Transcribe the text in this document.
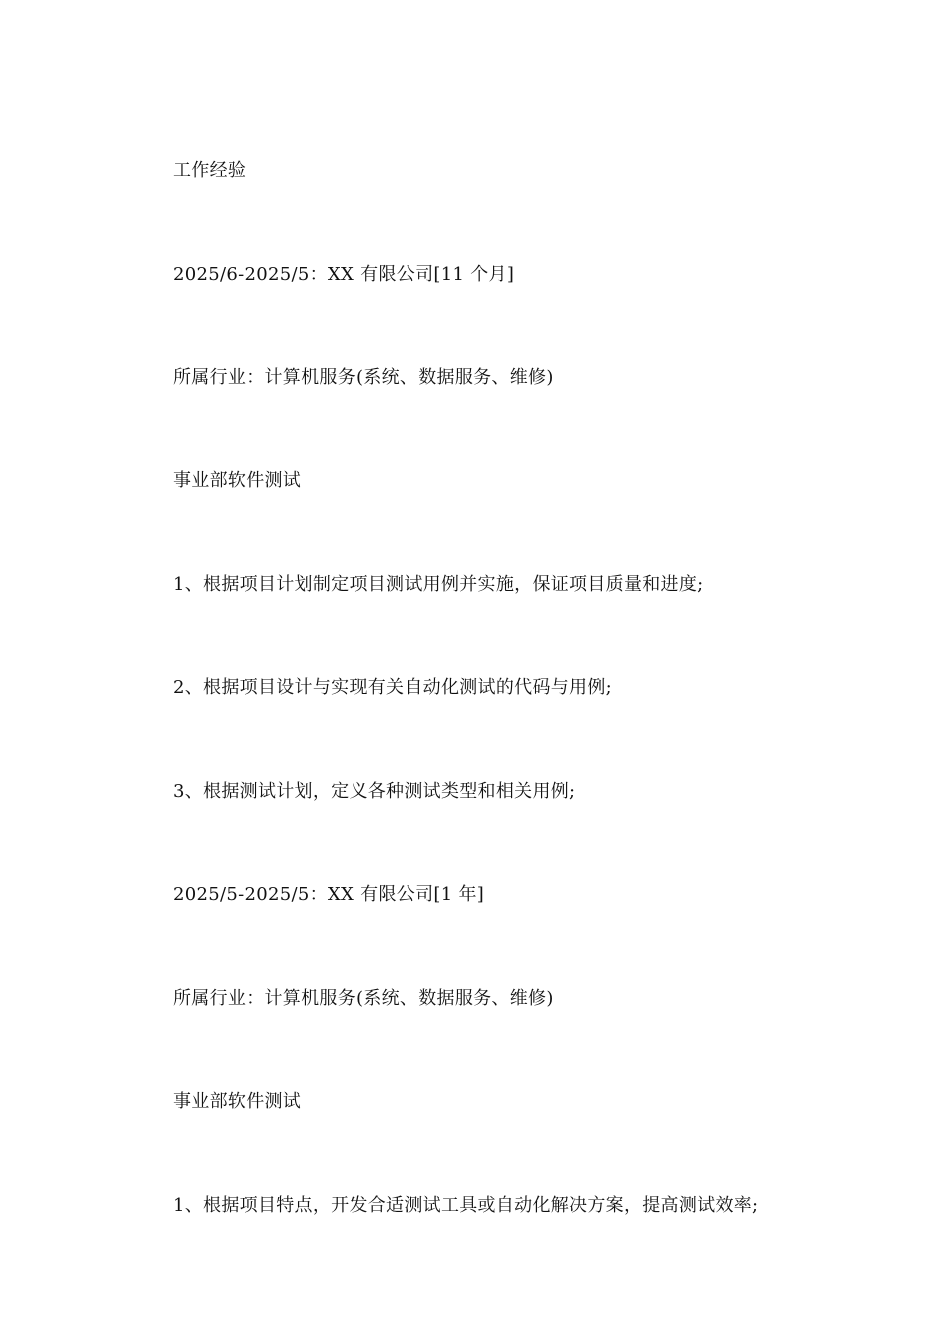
工作经验
2025/6-2025/5：XX 有限公司[11 个月]
所属行业：计算机服务(系统、数据服务、维修)
事业部软件测试
1、根据项目计划制定项目测试用例并实施，保证项目质量和进度;
2、根据项目设计与实现有关自动化测试的代码与用例;
3、根据测试计划，定义各种测试类型和相关用例;
2025/5-2025/5：XX 有限公司[1 年]
所属行业：计算机服务(系统、数据服务、维修)
事业部软件测试
1、根据项目特点，开发合适测试工具或自动化解决方案，提高测试效率;
